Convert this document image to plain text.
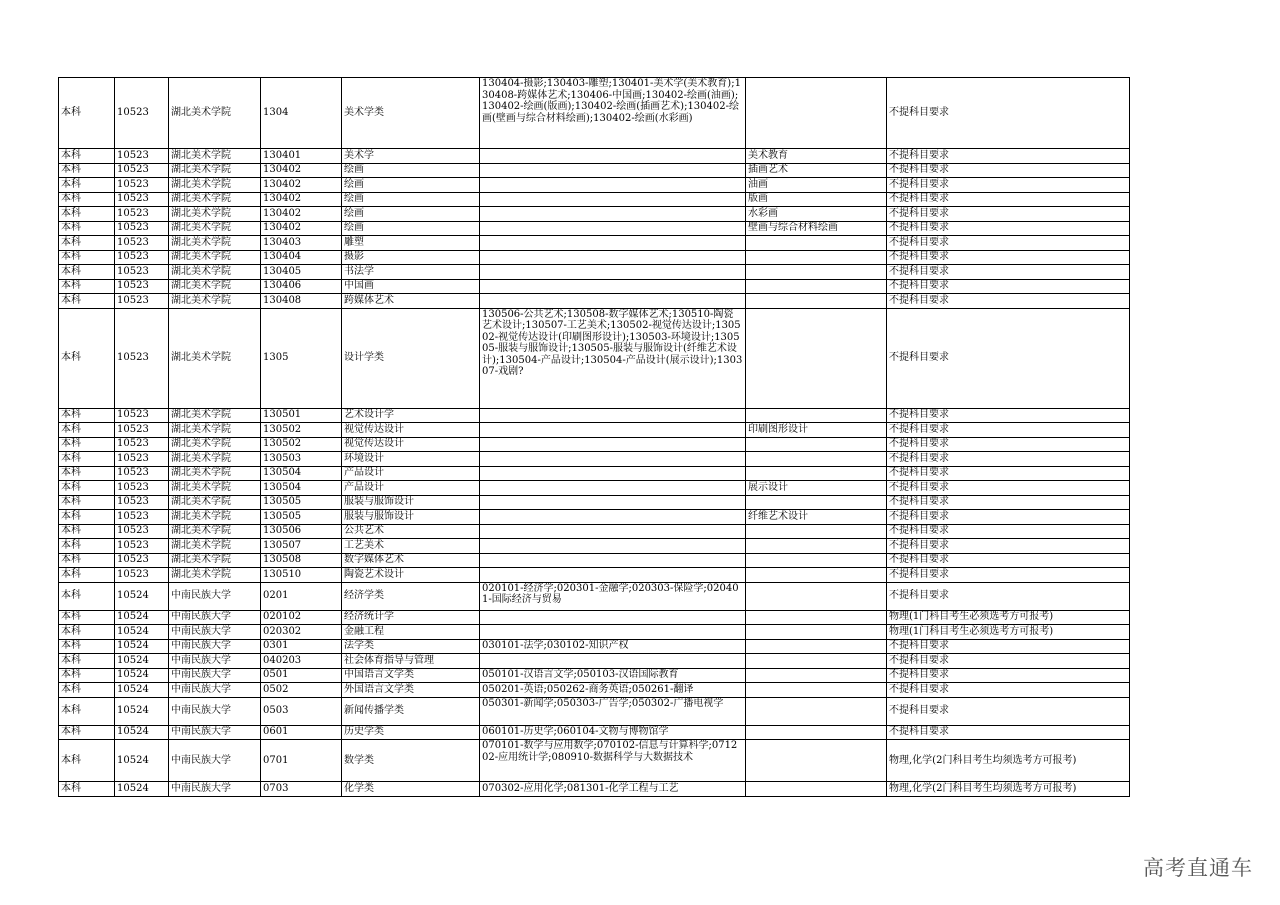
本科	10523	湖北美术学院	1304	美术学类	130404-摄影;130403-雕塑;130401-美术学(美术教育);130408-跨媒体艺术;130406-中国画;130402-绘画(油画);130402-绘画(版画);130402-绘画(插画艺术);130402-绘画(壁画与综合材料绘画);130402-绘画(水彩画)		不提科目要求
本科	10523	湖北美术学院	130401	美术学		美术教育	不提科目要求
本科	10523	湖北美术学院	130402	绘画		插画艺术	不提科目要求
本科	10523	湖北美术学院	130402	绘画		油画	不提科目要求
本科	10523	湖北美术学院	130402	绘画		版画	不提科目要求
本科	10523	湖北美术学院	130402	绘画		水彩画	不提科目要求
本科	10523	湖北美术学院	130402	绘画		壁画与综合材料绘画	不提科目要求
本科	10523	湖北美术学院	130403	雕塑			不提科目要求
本科	10523	湖北美术学院	130404	摄影			不提科目要求
本科	10523	湖北美术学院	130405	书法学			不提科目要求
本科	10523	湖北美术学院	130406	中国画			不提科目要求
本科	10523	湖北美术学院	130408	跨媒体艺术			不提科目要求
本科	10523	湖北美术学院	1305	设计学类	130506-公共艺术;130508-数字媒体艺术;130510-陶瓷艺术设计;130507-工艺美术;130502-视觉传达设计;130502-视觉传达设计(印刷图形设计);130503-环境设计;130505-服装与服饰设计;130505-服装与服饰设计(纤维艺术设计);130504-产品设计;130504-产品设计(展示设计);130307-戏剧?		不提科目要求
本科	10523	湖北美术学院	130501	艺术设计学			不提科目要求
本科	10523	湖北美术学院	130502	视觉传达设计		印刷图形设计	不提科目要求
本科	10523	湖北美术学院	130502	视觉传达设计			不提科目要求
本科	10523	湖北美术学院	130503	环境设计			不提科目要求
本科	10523	湖北美术学院	130504	产品设计			不提科目要求
本科	10523	湖北美术学院	130504	产品设计		展示设计	不提科目要求
本科	10523	湖北美术学院	130505	服装与服饰设计			不提科目要求
本科	10523	湖北美术学院	130505	服装与服饰设计		纤维艺术设计	不提科目要求
本科	10523	湖北美术学院	130506	公共艺术			不提科目要求
本科	10523	湖北美术学院	130507	工艺美术			不提科目要求
本科	10523	湖北美术学院	130508	数字媒体艺术			不提科目要求
本科	10523	湖北美术学院	130510	陶瓷艺术设计			不提科目要求
本科	10524	中南民族大学	0201	经济学类	020101-经济学;020301-金融学;020303-保险学;020401-国际经济与贸易		不提科目要求
本科	10524	中南民族大学	020102	经济统计学			物理(1门科目考生必须选考方可报考)
本科	10524	中南民族大学	020302	金融工程			物理(1门科目考生必须选考方可报考)
本科	10524	中南民族大学	0301	法学类	030101-法学;030102-知识产权		不提科目要求
本科	10524	中南民族大学	040203	社会体育指导与管理			不提科目要求
本科	10524	中南民族大学	0501	中国语言文学类	050101-汉语言文学;050103-汉语国际教育		不提科目要求
本科	10524	中南民族大学	0502	外国语言文学类	050201-英语;050262-商务英语;050261-翻译		不提科目要求
本科	10524	中南民族大学	0503	新闻传播学类	050301-新闻学;050303-广告学;050302-广播电视学		不提科目要求
本科	10524	中南民族大学	0601	历史学类	060101-历史学;060104-文物与博物馆学		不提科目要求
本科	10524	中南民族大学	0701	数学类	070101-数学与应用数学;070102-信息与计算科学;071202-应用统计学;080910-数据科学与大数据技术		物理,化学(2门科目考生均须选考方可报考)
本科	10524	中南民族大学	0703	化学类	070302-应用化学;081301-化学工程与工艺		物理,化学(2门科目考生均须选考方可报考)
高考直通车
